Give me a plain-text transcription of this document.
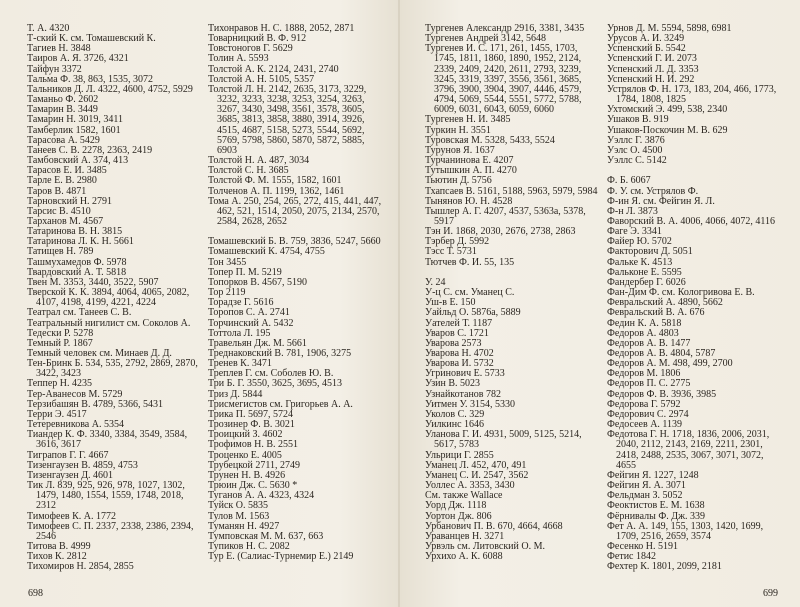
Т. А. 4320
Т-ский К. см. Томашевский К.
Тагиев Н. 3848
Таиров А. Я. 3726, 4321
Тайфун 3372
Тальма Ф. 38, 863, 1535, 3072
Тальников Д. Л. 4322, 4600, 4752, 5929
Таманьо Ф. 2602
Тамарин В. 3449
Тамарин Н. 3019, 3411
Тамберлик 1582, 1601
Тарасова А. 5429
Танеев С. В. 2278, 2363, 2419
Тамбовский А. 374, 413
Тарасов Е. И. 3485
Тарле Е. В. 2980
Таров В. 4871
Тарновский Н. 2791
Тарсис В. 4510
Тарханов М. 4567
Татаринова В. Н. 3815
Татаринова Л. К. Н. 5661
Татищев Н. 789
Ташмухамедов Ф. 5978
Твардовский А. Т. 5818
Твен М. 3353, 3440, 3522, 5907
Тверской К. К. 3894, 4064, 4065, 2082, 4107, 4198, 4199, 4221, 4224
Театрал см. Танеев С. В.
Театральный нигилист см. Соколов А.
Тедески Р. 5278
Темный Р. 1867
Темный человек см. Минаев Д. Д.
Тен-Бринк Б. 534, 535, 2792, 2869, 2870, 3422, 3423
Теппер Н. 4235
Тер-Аванесов М. 5729
Терзибашян В. 4789, 5366, 5431
Терри Э. 4517
Тетеревникова А. 5354
Тиандер К. Ф. 3340, 3384, 3549, 3584, 3616, 3617
Тиграпов Г. Г. 4667
Тизенгаузен В. 4859, 4753
Тизенгаузен Д. 4601
Тик Л. 839, 925, 926, 978, 1027, 1302, 1479, 1480, 1554, 1559, 1748, 2018, 2312
Тимофеев К. А. 1772
Тимофеев С. П. 2337, 2338, 2386, 2394, 2546
Титова В. 4999
Тихов К. 2812
Тихомиров Н. 2854, 2855
Тихонравов Н. С. 1888, 2052, 2871
Товарницкий В. Ф. 912
Товстоногов Г. 5629
Толин А. 5593
Толстой А. К. 2124, 2431, 2740
Толстой А. Н. 5105, 5357
Толстой Л. Н. 2142, 2635, 3173, 3229, 3232, 3233, 3238, 3253, 3254, 3263, 3267, 3430, 3498, 3561, 3578, 3605, 3685, 3813, 3858, 3880, 3914, 3926, 4515, 4687, 5158, 5273, 5544, 5692, 5769, 5798, 5860, 5870, 5872, 5885, 6903
Толстой Н. А. 487, 3034
Толстой С. Н. 3685
Толстой Ф. М. 1555, 1582, 1601
Толченов А. П. 1199, 1362, 1461
Тома А. 250, 254, 265, 272, 415, 441, 447, 462, 521, 1514, 2050, 2075, 2134, 2570, 2584, 2628, 2652

Томашевский Б. В. 759, 3836, 5247, 5660
Томашевский К. 4754, 4755
Тон 3455
Топер П. М. 5219
Топорков В. 4567, 5190
Тор 2119
Торадзе Г. 5616
Торопов С. А. 2741
Торчинский А. 5432
Тоттола Л. 195
Травельян Дж. М. 5661
Треднаковский В. 781, 1906, 3275
Тренев К. 3471
Треплев Г. см. Соболев Ю. В.
Три Б. Г. 3550, 3625, 3695, 4513
Триз Д. 5844
Трисмегистов см. Григорьев А. А.
Трика П. 5697, 5724
Трозинер Ф. В. 3021
Троицкий З. 4602
Трофимов Н. В. 2551
Троценко Е. 4005
Трубецкой 2711, 2749
Трунен Н. В. 4926
Трюин Дж. С. 5630 *
Туганов А. А. 4323, 4324
Туйск О. 5835
Тулов М. 1563
Туманян Н. 4927
Тумповская М. М. 637, 663
Тупиков Н. С. 2082
Тур Е. (Салиас-Турнемир Е.) 2149
698
Тургенев Александр 2916, 3381, 3435
Тургенев Андрей 3142, 5648
Тургенев И. С. 171, 261, 1455, 1703, 1745, 1811, 1860, 1890, 1952, 2124, 2339, 2409, 2420, 2611, 2793, 3239, 3245, 3319, 3397, 3556, 3561, 3685, 3796, 3900, 3904, 3907, 4446, 4579, 4794, 5069, 5544, 5551, 5772, 5788, 6009, 6031, 6043, 6059, 6060
Тургенев Н. И. 3485
Туркин Н. 3551
Туровская М. 5328, 5433, 5524
Турунов Я. 1637
Турчанинова Е. 4207
Тутышкин А. П. 4270
Тьютин Д. 5756
Тхапсаев В. 5161, 5188, 5963, 5979, 5984
Тынянов Ю. Н. 4528
Тышлер А. Г. 4207, 4537, 5363а, 5378, 5917
Тэн И. 1868, 2030, 2676, 2738, 2863
Тэрбер Д. 5992
Тэсс Т. 5731
Тютчев Ф. И. 55, 135

У. 24
У-ц С. см. Уманец С.
Уш-в Е. 150
Уайльд О. 5876а, 5889
Уателей Т. 1187
Уваров С. 1721
Уварова 2573
Уварова Н. 4702
Уварова И. 5732
Угринович Е. 5733
Узин В. 5023
Узнайкотанов 782
Уитмен У. 3154, 5330
Уколов С. 329
Уилкинс 1646
Уланова Г. И. 4931, 5009, 5125, 5214, 5617, 5783
Ульрици Г. 2855
Уманец Л. 452, 470, 491
Уманец С. И. 2547, 3562
Уоллес А. 3353, 3430
См. также Wallace
Уорд Дж. 1118
Уортон Дж. 806
Урбанович П. В. 670, 4664, 4668
Ураванцев Н. 3271
Урвэль см. Литовский О. М.
Урхихо А. К. 6088
Урнов Д. М. 5594, 5898, 6981
Урусов А. И. 3249
Успенский Б. 5542
Успенский Г. И. 2073
Успенский Л. Д. 3353
Успенский Н. И. 292
Устрялов Ф. Н. 173, 183, 204, 466, 1773, 1784, 1808, 1825
Ухтомский Э. 499, 538, 2340
Ушаков В. 919
Ушаков-Поскочин М. В. 629
Уэллс Г. 3876
Уэлс О. 4500
Уэллс С. 5142

Ф. Б. 6067
Ф. У. см. Устрялов Ф.
Ф-ин Я. см. Фейгин Я. Л.
Ф-н Л. 3873
Фаворский В. А. 4006, 4066, 4072, 4116
Фаге Э. 3341
Файер Ю. 5702
Факторович Д. 5051
Фальке К. 4513
Фальконе Е. 5595
Фандербер Г. 6026
Фан-Дим Ф. см. Кологривова Е. В.
Февральский А. 4890, 5662
Февральский В. А. 676
Федин К. А. 5818
Федоров А. 4803
Федоров А. В. 1477
Федоров А. В. 4804, 5787
Федоров А. М. 498, 499, 2700
Федоров М. 1806
Федоров П. С. 2775
Федоров Ф. В. 3936, 3985
Федорова Г. 5792
Федорович С. 2974
Федосеев А. 1139
Федотова Г. Н. 1718, 1836, 2006, 2031, 2040, 2112, 2143, 2169, 2211, 2301, 2418, 2488, 2535, 3067, 3071, 3072, 4655
Фейгин Я. 1227, 1248
Фейгин Я. А. 3071
Фельдман З. 5052
Феоктистов Е. М. 1638
Фёрнивалы Ф. Дж. 339
Фет А. А. 149, 155, 1303, 1420, 1699, 1709, 2516, 2659, 3574
Фесенко Н. 5191
Фетис 1842
Фехтер К. 1801, 2099, 2181
699
